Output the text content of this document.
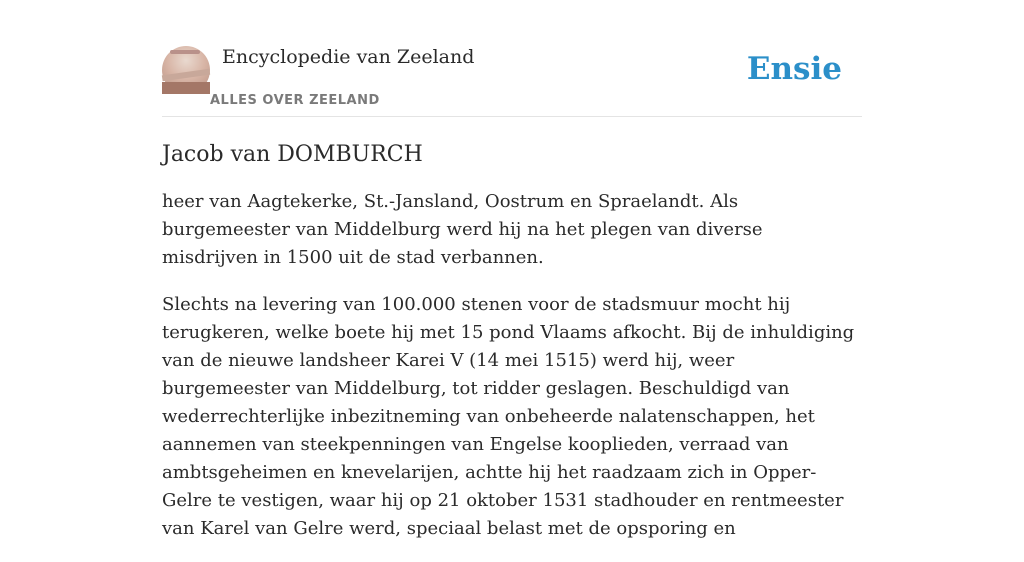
Encyclopedie van Zeeland
ALLES OVER ZEELAND
Ensie
Jacob van DOMBURCH

heer van Aagtekerke, St.-Jansland, Oostrum en Spraelandt. Als burgemeester van Middelburg werd hij na het plegen van diverse misdrijven in 1500 uit de stad verbannen.

Slechts na levering van 100.000 stenen voor de stadsmuur mocht hij terugkeren, welke boete hij met 15 pond Vlaams afkocht. Bij de inhuldiging van de nieuwe landsheer Karei V (14 mei 1515) werd hij, weer burgemeester van Middelburg, tot ridder geslagen. Beschuldigd van wederrechterlijke inbezitneming van onbeheerde nalatenschappen, het aannemen van steekpenningen van Engelse kooplieden, verraad van ambtsgeheimen en knevelarijen, achtte hij het raadzaam zich in Opper-Gelre te vestigen, waar hij op 21 oktober 1531 stadhouder en rentmeester van Karel van Gelre werd, speciaal belast met de opsporing en
